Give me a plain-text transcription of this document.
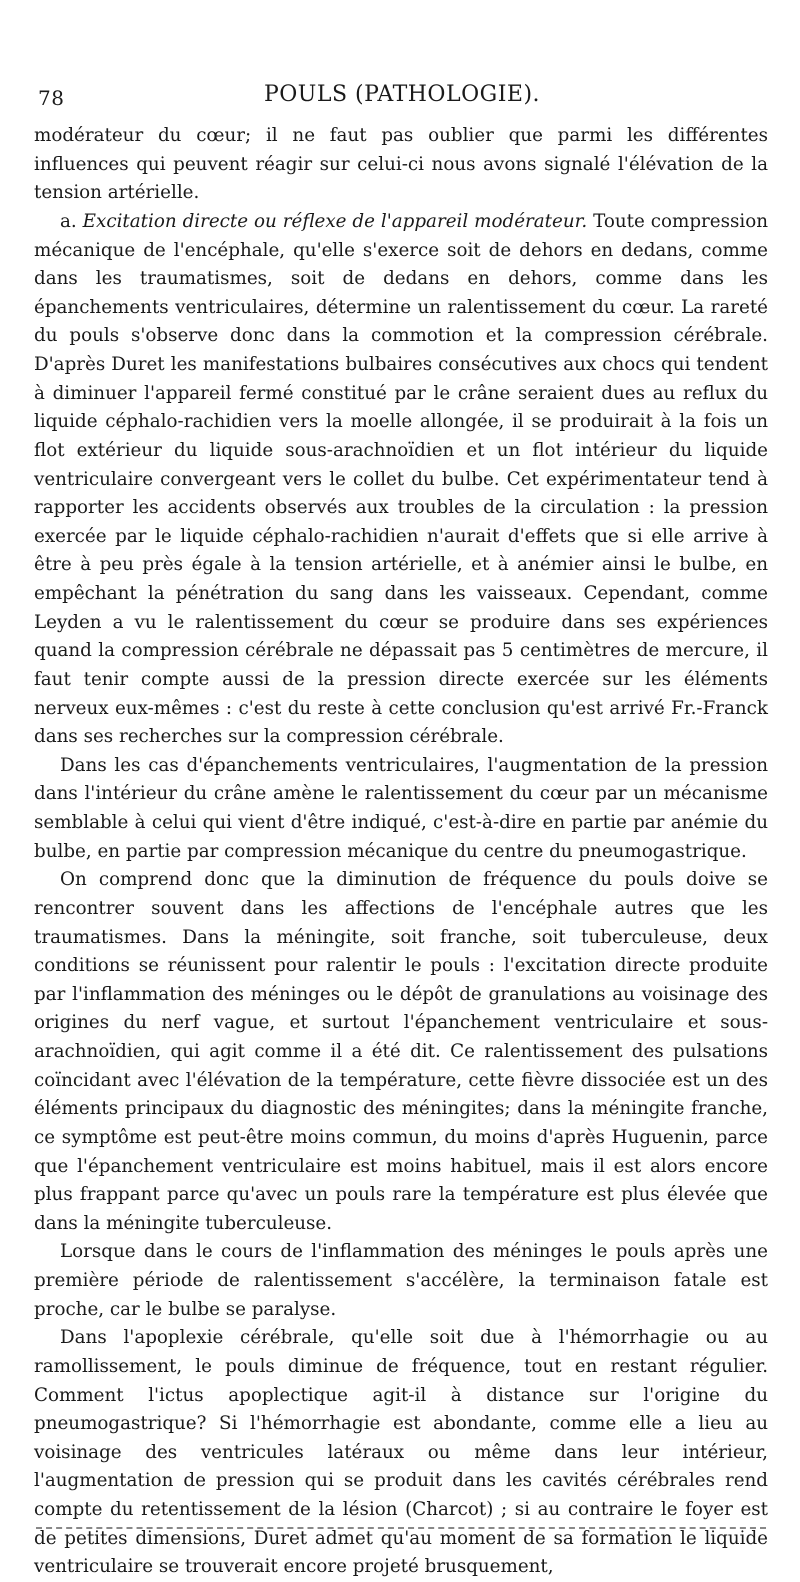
78	POULS (PATHOLOGIE).

modérateur du cœur; il ne faut pas oublier que parmi les différentes influences qui peuvent réagir sur celui-ci nous avons signalé l'élévation de la tension artérielle.

a. Excitation directe ou réflexe de l'appareil modérateur. Toute compression mécanique de l'encéphale, qu'elle s'exerce soit de dehors en dedans, comme dans les traumatismes, soit de dedans en dehors, comme dans les épanchements ventriculaires, détermine un ralentissement du cœur. La rareté du pouls s'observe donc dans la commotion et la compression cérébrale. D'après Duret les manifestations bulbaires consécutives aux chocs qui tendent à diminuer l'appareil fermé constitué par le crâne seraient dues au reflux du liquide céphalo-rachidien vers la moelle allongée, il se produirait à la fois un flot extérieur du liquide sous-arachnoïdien et un flot intérieur du liquide ventriculaire convergeant vers le collet du bulbe. Cet expérimentateur tend à rapporter les accidents observés aux troubles de la circulation : la pression exercée par le liquide céphalo-rachidien n'aurait d'effets que si elle arrive à être à peu près égale à la tension artérielle, et à anémier ainsi le bulbe, en empêchant la pénétration du sang dans les vaisseaux. Cependant, comme Leyden a vu le ralentissement du cœur se produire dans ses expériences quand la compression cérébrale ne dépassait pas 5 centimètres de mercure, il faut tenir compte aussi de la pression directe exercée sur les éléments nerveux eux-mêmes : c'est du reste à cette conclusion qu'est arrivé Fr.-Franck dans ses recherches sur la compression cérébrale.

Dans les cas d'épanchements ventriculaires, l'augmentation de la pression dans l'intérieur du crâne amène le ralentissement du cœur par un mécanisme semblable à celui qui vient d'être indiqué, c'est-à-dire en partie par anémie du bulbe, en partie par compression mécanique du centre du pneumogastrique.

On comprend donc que la diminution de fréquence du pouls doive se rencontrer souvent dans les affections de l'encéphale autres que les traumatismes. Dans la méningite, soit franche, soit tuberculeuse, deux conditions se réunissent pour ralentir le pouls : l'excitation directe produite par l'inflammation des méninges ou le dépôt de granulations au voisinage des origines du nerf vague, et surtout l'épanchement ventriculaire et sous-arachnoïdien, qui agit comme il a été dit. Ce ralentissement des pulsations coïncidant avec l'élévation de la température, cette fièvre dissociée est un des éléments principaux du diagnostic des méningites; dans la méningite franche, ce symptôme est peut-être moins commun, du moins d'après Huguenin, parce que l'épanchement ventriculaire est moins habituel, mais il est alors encore plus frappant parce qu'avec un pouls rare la température est plus élevée que dans la méningite tuberculeuse.

Lorsque dans le cours de l'inflammation des méninges le pouls après une première période de ralentissement s'accélère, la terminaison fatale est proche, car le bulbe se paralyse.

Dans l'apoplexie cérébrale, qu'elle soit due à l'hémorrhagie ou au ramollissement, le pouls diminue de fréquence, tout en restant régulier. Comment l'ictus apoplectique agit-il à distance sur l'origine du pneumogastrique? Si l'hémorrhagie est abondante, comme elle a lieu au voisinage des ventricules latéraux ou même dans leur intérieur, l'augmentation de pression qui se produit dans les cavités cérébrales rend compte du retentissement de la lésion (Charcot) ; si au contraire le foyer est de petites dimensions, Duret admet qu'au moment de sa formation le liquide ventriculaire se trouverait encore projeté brusquement,
